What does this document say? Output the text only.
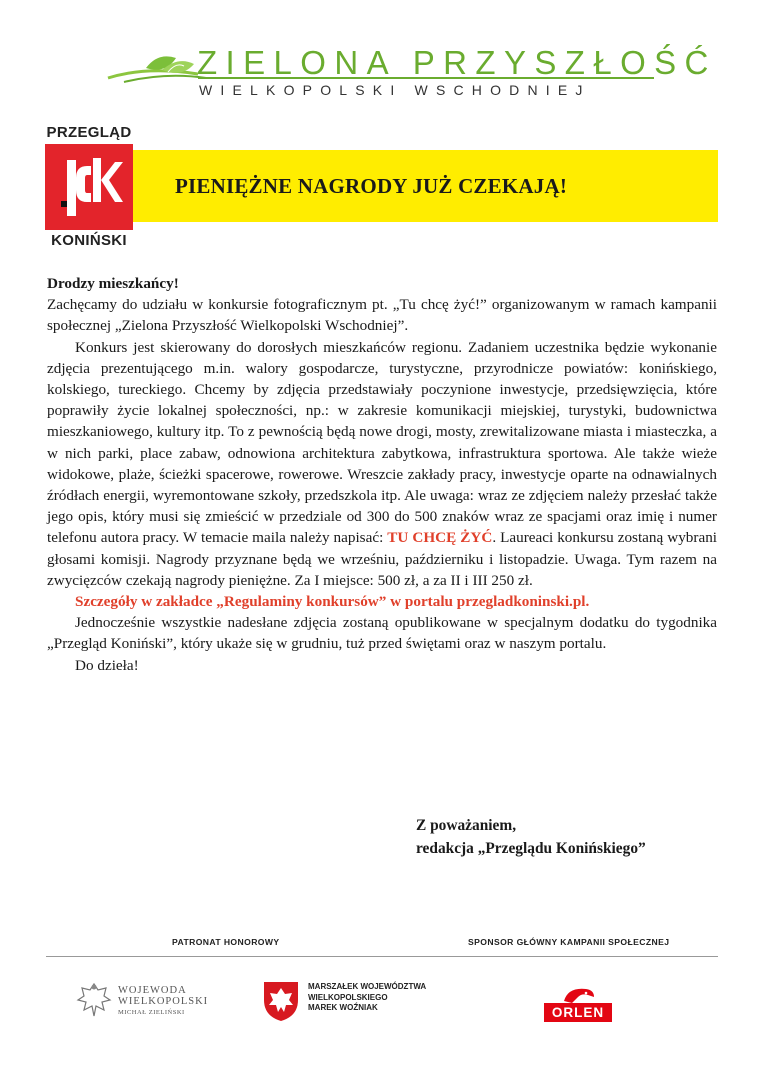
ZIELONA PRZYSZŁOŚĆ
WIELKOPOLSKI WSCHODNIEJ
PRZEGLĄD
KONIŃSKI
PIENIĘŻNE NAGRODY JUŻ CZEKAJĄ!

Drodzy mieszkańcy!

Zachęcamy do udziału w konkursie fotograficznym pt. „Tu chcę żyć!” organizowanym w ramach kampanii społecznej „Zielona Przyszłość Wielkopolski Wschodniej”.

Konkurs jest skierowany do dorosłych mieszkańców regionu. Zadaniem uczestnika będzie wykonanie zdjęcia prezentującego m.in. walory gospodarcze, turystyczne, przyrodnicze powiatów: konińskiego, kolskiego, tureckiego. Chcemy by zdjęcia przedstawiały poczynione inwestycje, przedsięwzięcia, które poprawiły życie lokalnej społeczności, np.: w zakresie komunikacji miejskiej, turystyki, budownictwa mieszkaniowego, kultury itp. To z pewnością będą nowe drogi, mosty, zrewitalizowane miasta i miasteczka, a w nich parki, place zabaw, odnowiona architektura zabytkowa, infrastruktura sportowa. Ale także wieże widokowe, plaże, ścieżki spacerowe, rowerowe. Wreszcie zakłady pracy, inwestycje oparte na odnawialnych źródłach energii, wyremontowane szkoły, przedszkola itp. Ale uwaga: wraz ze zdjęciem należy przesłać także jego opis, który musi się zmieścić w przedziale od 300 do 500 znaków wraz ze spacjami oraz imię i numer telefonu autora pracy. W temacie maila należy napisać: TU CHCĘ ŻYĆ. Laureaci konkursu zostaną wybrani głosami komisji. Nagrody przyznane będą we wrześniu, październiku i listopadzie. Uwaga. Tym razem na zwycięzców czekają nagrody pieniężne. Za I miejsce: 500 zł, a za II i III 250 zł.

Szczegóły w zakładce „Regulaminy konkursów” w portalu przegladkoninski.pl.

Jednocześnie wszystkie nadesłane zdjęcia zostaną opublikowane w specjalnym dodatku do tygodnika „Przegląd Koniński”, który ukaże się w grudniu, tuż przed świętami oraz w naszym portalu.

Do dzieła!

Z poważaniem,
redakcja „Przeglądu Konińskiego”
PATRONAT HONOROWY	SPONSOR GŁÓWNY KAMPANII SPOŁECZNEJ
WOJEWODA
WIELKOPOLSKI
MICHAŁ ZIELIŃSKI
MARSZAŁEK WOJEWÓDZTWA
WIELKOPOLSKIEGO
MAREK WOŹNIAK	ORLEN
